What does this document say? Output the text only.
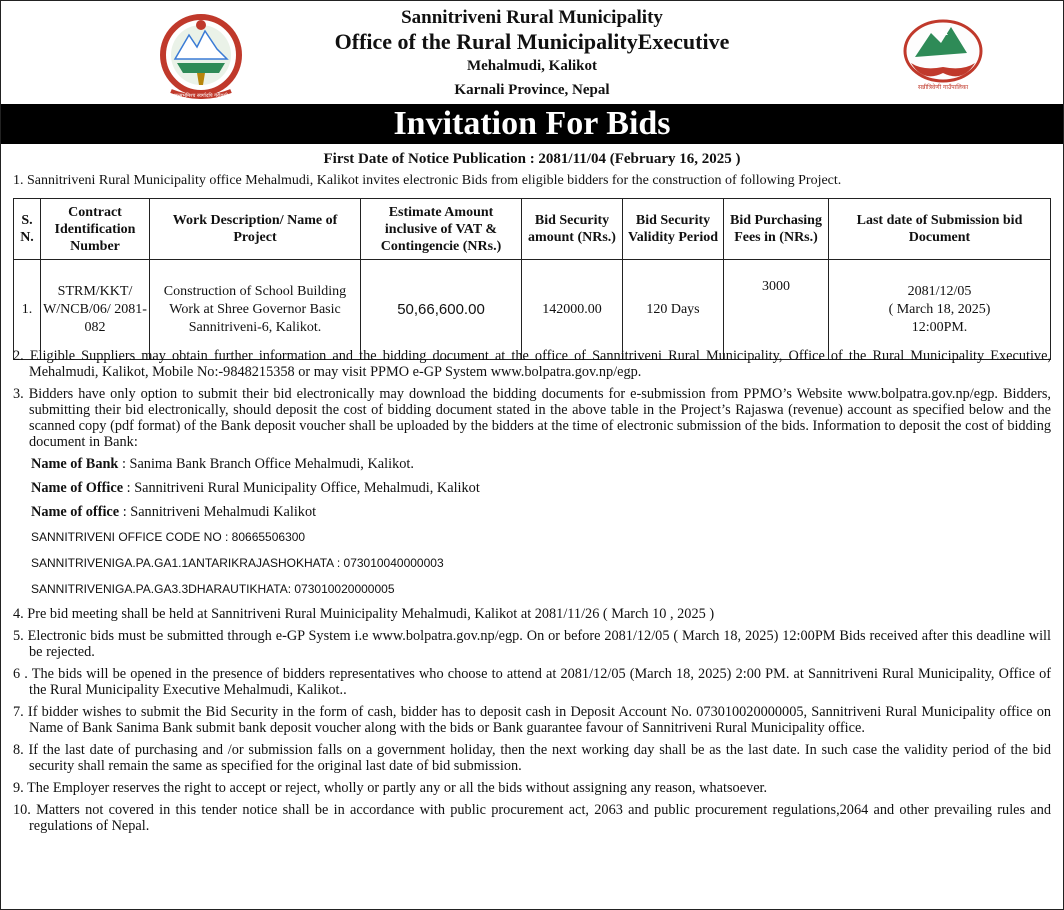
जन्मभूमिश्च स्वर्गादपि गरीयसी
Sannitriveni Rural Municipality
Office of the Rural MunicipalityExecutive
Mehalmudi, Kalikot
Karnali Province, Nepal	सन्नीत्रिवेणी गाउँपालिका
Invitation For Bids
First Date of Notice Publication : 2081/11/04 (February 16, 2025 )
1. Sannitriveni Rural Municipality office Mehalmudi, Kalikot invites electronic Bids from eligible bidders for the construction of following Project.
S. N.	Contract Identification Number	Work Description/ Name of Project	Estimate Amount inclusive of VAT & Contingencie (NRs.)	Bid Security amount (NRs.)	Bid Security Validity Period	Bid Purchasing Fees in (NRs.)	Last date of Submission bid Document
1.	STRM/KKT/ W/NCB/06/ 2081-082	Construction of School Building Work at Shree Governor Basic Sannitriveni-6, Kalikot.	50,66,600.00	142000.00	120 Days	3000	2081/12/05
( March 18, 2025)
12:00PM.

2. Eligible Suppliers may obtain further information and the bidding document at the office of Sannitriveni Rural Municipality, Office of the Rural Municipality Executive, Mehalmudi, Kalikot, Mobile No:-9848215358 or may visit PPMO e-GP System www.bolpatra.gov.np/egp.

3. Bidders have only option to submit their bid electronically may download the bidding documents for e-submission from PPMO’s Website www.bolpatra.gov.np/egp. Bidders, submitting their bid electronically, should deposit the cost of bidding document stated in the above table in the Project’s Rajaswa (revenue) account as specified below and the scanned copy (pdf format) of the Bank deposit voucher shall be uploaded by the bidders at the time of electronic submission of the bids. Information to deposit the cost of bidding document in Bank:

Name of Bank : Sanima Bank Branch Office Mehalmudi, Kalikot.

Name of Office : Sannitriveni Rural Municipality Office, Mehalmudi, Kalikot

Name of office : Sannitriveni Mehalmudi Kalikot

SANNITRIVENI OFFICE CODE NO : 80665506300

SANNITRIVENIGA.PA.GA1.1ANTARIKRAJASHOKHATA : 073010040000003

SANNITRIVENIGA.PA.GA3.3DHARAUTIKHATA: 073010020000005

4. Pre bid meeting shall be held at Sannitriveni Rural Muinicipality Mehalmudi, Kalikot at 2081/11/26 ( March 10 , 2025 )

5. Electronic bids must be submitted through e-GP System i.e www.bolpatra.gov.np/egp. On or before 2081/12/05 ( March 18, 2025) 12:00PM Bids received after this deadline will be rejected.

6 . The bids will be opened in the presence of bidders representatives who choose to attend at 2081/12/05 (March 18, 2025) 2:00 PM. at Sannitriveni Rural Municipality, Office of the Rural Municipality Executive Mehalmudi, Kalikot..

7. If bidder wishes to submit the Bid Security in the form of cash, bidder has to deposit cash in Deposit Account No. 073010020000005, Sannitriveni Rural Municipality office on Name of Bank Sanima Bank submit bank deposit voucher along with the bids or Bank guarantee favour of Sannitriveni Rural Municipality office.

8. If the last date of purchasing and /or submission falls on a government holiday, then the next working day shall be as the last date. In such case the validity period of the bid security shall remain the same as specified for the original last date of bid submission.

9. The Employer reserves the right to accept or reject, wholly or partly any or all the bids without assigning any reason, whatsoever.

10. Matters not covered in this tender notice shall be in accordance with public procurement act, 2063 and public procurement regulations,2064 and other prevailing rules and regulations of Nepal.
